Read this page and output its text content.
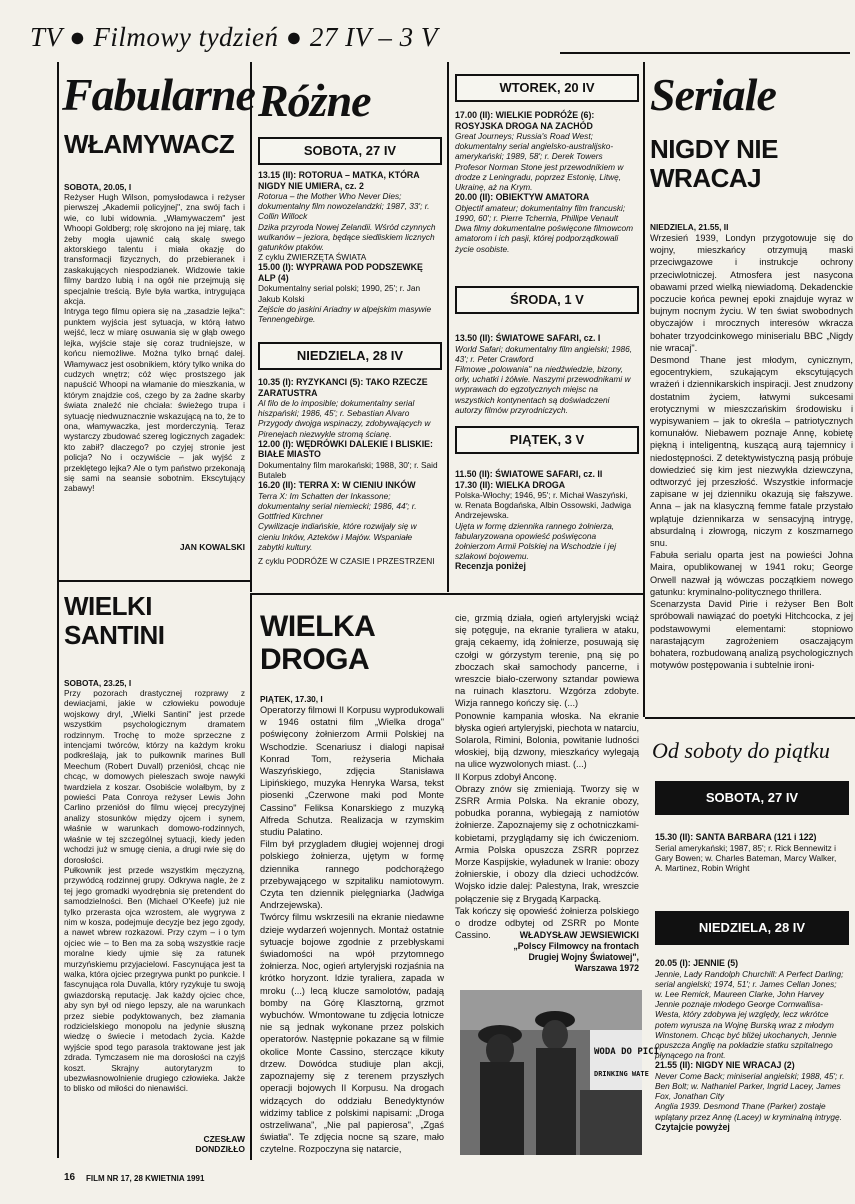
TV ● Filmowy tydzień ● 27 IV – 3 V
Fabularne
WŁAMYWACZ
SOBOTA, 20.05, I
Reżyser Hugh Wilson, pomysłodawca i reżyser pierwszej „Akademii policyjnej", zna swój fach i wie, co lubi widownia. „Włamywaczem" jest Whoopi Goldberg; rolę skrojono na jej miarę, tak żeby mogła ujawnić całą skalę swego aktorskiego talentu i miała okazję do transformacji fizycznych, do przebieranek i zaskakujących niespodzianek. Widzowie takie filmy bardzo lubią i na ogół nie przejmują się specjalnie treścią. Byle była wartka, intrygująca akcja.
Intryga tego filmu opiera się na „zasadzie lejka": punktem wyjścia jest sytuacja, w którą łatwo wejść, lecz w miarę osuwania się w głąb owego lejka, wyjście staje się coraz trudniejsze, w końcu niemożliwe. Można tylko brnąć dalej. Włamywacz jest osobnikiem, który tylko wnika do cudzych wnętrz; cóż więc prostszego jak napuścić Whoopi na włamanie do mieszkania, w którym znajdzie coś, czego by za żadne skarby świata znaleźć nie chciała: świeżego trupa i sytuację niedwuznacznie wskazującą na to, że to ona, włamywaczka, jest morderczynią. Teraz wystarczy zbudować szereg logicznych zagadek: kto zabił? dlaczego? po czyjej stronie jest policja? No i oczywiście – jak wyjść z przeklętego lejka? Ale o tym państwo przekonają się sami na seansie sobotnim. Ekscytujący zabawy!
JAN KOWALSKI
WIELKI SANTINI
SOBOTA, 23.25, I
Przy pozorach drastycznej rozprawy z dewiacjami, jakie w człowieku powoduje wojskowy dryl, „Wielki Santini" jest przede wszystkim psychologicznym dramatem rodzinnym. Trochę to może sprzeczne z intencjami twórców, którzy na każdym kroku podkreślają, jak to pułkownik marines Bull Meechum (Robert Duvall) przeniósł, chcąc nie chcąc, w domowych pieleszach swoje nawyki twardziela z koszar. Osobiście wolałbym, by z powieści Pata Conroya reżyser Lewis John Carlino przeniósł do filmu więcej precyzyjnej analizy stosunków między ojcem i synem, właśnie w warunkach domowo-rodzinnych, właśnie w tej szczególnej sytuacji, kiedy jeden wchodzi już w smugę cienia, a drugi rwie się do dorosłości.
Pułkownik jest przede wszystkim męczyzną, przywódcą rodzinnej grupy. Odkrywa nagle, że z tej jego gromadki wyodrębnia się pretendent do samodzielności. Ben (Michael O'Keefe) już nie tylko przerasta ojca wzrostem, ale wygrywa z nim w kosza, podejmuje decyzje bez jego zgody, a nawet wbrew rozkazowi. Przy czym – i o tym ojciec wie – to Ben ma za sobą wszystkie racje moralne kiedy ujmie się za ratunek murzyńskiemu przyjacielowi. Fascynująca jest ta walka, która ojciec przegrywa punkt po punkcie. I fascynująca rola Duvalla, który ryzykuje tu swoją gwiazdorską reputację. Jak każdy ojciec chce, aby syn był od niego lepszy, ale na warunkach przez siebie podyktowanych, bez złamania rodzicielskiego monopolu na jedynie słuszną wiedzę o świecie i metodach życia. Każde wyjście spod tego parasola traktowane jest jak zdrada. Tymczasem nie ma dorosłości na czyjś koszt. Skrajny autorytaryzm to ubezwłasnowolnienie drugiego człowieka. Jakże to blisko od miłości do nienawiści.
CZESŁAW
DONDZIŁŁO
Różne
SOBOTA, 27 IV
13.15 (II): ROTORUA – MATKA, KTÓRA NIGDY NIE UMIERA, cz. 2
Rotorua – the Mother Who Never Dies; dokumentalny film nowozelandzki; 1987, 33'; r. Collin Willock
Dzika przyroda Nowej Zelandii. Wśród czynnych wulkanów – jeziora, będące siedliskiem licznych gatunków ptaków.
Z cyklu ŻWIERZĘTA ŚWIATA
15.00 (I): WYPRAWA POD PODSZEWKĘ ALP (4)
Dokumentalny serial polski; 1990, 25'; r. Jan Jakub Kolski
Zejście do jaskini Ariadny w alpejskim masywie Tennengebirge.
NIEDZIELA, 28 IV
10.35 (I): RYZYKANCI (5): TAKO RZECZE ZARATUSTRA
Al filo de lo imposible; dokumentalny serial hiszpański; 1986, 45'; r. Sebastian Alvaro
Przygody dwojga wspinaczy, zdobywających w Pirenejach niezwykle stromą ścianę.
12.00 (I): WĘDRÓWKI DALEKIE I BLISKIE: BIAŁE MIASTO
Dokumentalny film marokański; 1988, 30'; r. Said Butaleb
16.20 (II): TERRA X: W CIENIU INKÓW
Terra X: Im Schatten der Inkassone; dokumentalny serial niemiecki; 1986, 44'; r. Gottfried Kirchner
Cywilizacje indiańskie, które rozwijały się w cieniu Inków, Azteków i Majów. Wspaniałe zabytki kultury.
Z cyklu PODRÓŻE W CZASIE I PRZESTRZENI
WTOREK, 20 IV
17.00 (II): WIELKIE PODRÓŻE (6): ROSYJSKA DROGA NA ZACHÓD
Great Journeys; Russia's Road West; dokumentalny serial angielsko-australijsko-amerykański; 1989, 58'; r. Derek Towers
Profesor Norman Stone jest przewodnikiem w drodze z Leningradu, poprzez Estonię, Litwę, Ukrainę, aż na Krym.
20.00 (II): OBIEKTYW AMATORA
Objectif amateur; dokumentalny film francuski; 1990, 60'; r. Pierre Tchernia, Phillipe Venault
Dwa filmy dokumentalne poświęcone filmowcom amatorom i ich pasji, której podporządkowali życie osobiste.
ŚRODA, 1 V
13.50 (II): ŚWIATOWE SAFARI, cz. I
World Safari; dokumentalny film angielski; 1986, 43'; r. Peter Crawford
Filmowe „polowania" na niedźwiedzie, bizony, orły, uchatki i żółwie. Naszymi przewodnikami w wyprawach do egzotycznych miejsc na wszystkich kontynentach są doświadczeni autorzy filmów przyrodniczych.
PIĄTEK, 3 V
11.50 (II): ŚWIATOWE SAFARI, cz. II
17.30 (II): WIELKA DROGA
Polska-Włochy; 1946, 95'; r. Michał Waszyński, w. Renata Bogdańska, Albin Ossowski, Jadwiga Andrzejewska.
Ujęta w formę dziennika rannego żołnierza, fabularyzowana opowieść poświęcona żołnierzom Armii Polskiej na Wschodzie i jej szlakowi bojowemu.
Recenzja poniżej
WIELKA DROGA
PIĄTEK, 17.30, I
Operatorzy filmowi II Korpusu wyprodukowali w 1946 ostatni film „Wielka droga" poświęcony żołnierzom Armii Polskiej na Wschodzie. Scenariusz i dialogi napisał Konrad Tom, reżyseria Michała Waszyńskiego, zdjęcia Stanisława Lipińskiego, muzyka Henryka Warsa, tekst piosenki „Czerwone maki pod Monte Cassino" Feliksa Konarskiego z muzyką Alfreda Schutza. Realizacja w rzymskim studiu Palatino.
Film był przygladem długiej wojennej drogi polskiego żołnierza, ujętym w formę dziennika rannego podchorążego przebywającego w szpitaliku namiotowym. Czyta ten dziennik pielęgniarka (Jadwiga Andrzejewska).
Twórcy filmu wskrzesili na ekranie niedawne dzieje wydarzeń wojennych. Montaż ostatnie sytuacje bojowe zgodnie z przebłyskami świadomości na wpół przytomnego żołnierza. Noc, ogień artyleryjski rozjaśnia na krótko horyzont. Idzie tyraliera, zapada w mroku (...) lecą klucze samolotów, padają bomby na Górę Klasztorną, grzmot wybuchów. Wmontowane tu zdjęcia lotnicze nie są jednak wykonane przez polskich operatorów. Następnie pokazane są w filmie okolice Monte Cassino, sterczące kikuty drzew. Dowódca studiuje plan akcji, zapoznajemy się z terenem przyszłych operacji bojowych II Korpusu. Na drogach widzących do oddziału Benedyktynów widzimy tablice z polskimi napisami: „Droga ostrzeliwana", „Nie pal papierosa", „Zgaś światła". Te zdjęcia nocne są szare, mało czytelne. Rozpoczyna się natarcie,
cie, grzmią działa, ogień artyleryjski wciąż się potęguje, na ekranie tyraliera w ataku, grają cekaemy, idą żołnierze, posuwają się czołgi w górzystym terenie, pną się po zboczach skał samochody pancerne, i wreszcie biało-czerwony sztandar powiewa na ruinach klasztoru. Wzgórza zdobyte. Wizja rannego kończy się. (...)
Ponownie kampania włoska. Na ekranie błyska ogień artyleryjski, piechota w natarciu, Solarola, Rimini, Bolonia, powitanie ludności włoskiej, biją dzwony, mieszkańcy wylegają na ulice wyzwolonych miast. (...)
II Korpus zdobył Anconę.
Obrazy znów się zmieniają. Tworzy się w ZSRR Armia Polska. Na ekranie obozy, pobudka poranna, wybiegają z namiotów żołnierze. Zapoznajemy się z ochotniczkami-kobietami, przyglądamy się ich ćwiczeniom. Armia Polska opuszcza ZSRR poprzez Morze Kaspijskie, wyładunek w Iranie: obozy żołnierskie, i obozy dla dzieci uchodźców. Wojsko idzie dalej: Palestyna, Irak, wreszcie połączenie się z Brygadą Karpacką.
Tak kończy się opowieść żołnierza polskiego o drodze odbytej od ZSRR po Monte Cassino.	WŁADYSŁAW JEWSIEWICKI
„Polscy Filmowcy na frontach
Drugiej Wojny Światowej",
Warszawa 1972
WODA DO PICI
DRINKING WATE
Seriale
NIGDY NIE WRACAJ
NIEDZIELA, 21.55, II
Wrzesień 1939, Londyn przygotowuje się do wojny, mieszkańcy otrzymują maski przeciwgazowe i instrukcje ochrony przeciwlotniczej. Atmosfera jest nasycona obawami przed wielką niewiadomą. Dekadenckie poczucie końca pewnej epoki znajduje wyraz w bujnym nocnym życiu. W ten świat swobodnych obyczajów i mrocznych interesów wkracza bohater trzyodcinkowego miniserialu BBC „Nigdy nie wracaj".
Desmond Thane jest młodym, cynicznym, egocentrykiem, szukającym ekscytujących wrażeń i dziennikarskich inspiracji. Jest znudzony dostatnim życiem, łatwymi sukcesami erotycznymi w mieszczańskim środowisku i wypisywaniem – jak to określa – patriotycznych komunałów. Niebawem poznaje Annę, kobietę piękną i inteligentną, kuszącą aurą tajemnicy i niedostępności. Z detektywistyczną pasją próbuje dowiedzieć się kim jest niezwykła dziewczyna, odtworzyć jej przeszłość. Wszystkie informacje zapisane w jej dzienniku okazują się fałszywe. Anna – jak na klasyczną femme fatale przystało wplątuje dziennikarza w sensacyjną intrygę, absurdalną i złowrogą, niczym z koszmarnego snu.
Fabuła serialu oparta jest na powieści Johna Maira, opublikowanej w 1941 roku; George Orwell nazwał ją wówczas początkiem nowego gatunku: kryminalno-politycznego thrillera.
Scenarzysta David Pirie i reżyser Ben Bolt spróbowali nawiązać do poetyki Hitchcocka, z jej podstawowymi elementami: stopniowo narastającym zagrożeniem osaczającym bohatera, rozbudowaną analizą psychologicznych motywów postępowania i subtelnie ironi-
Od soboty do piątku
SOBOTA, 27 IV
15.30 (II): SANTA BARBARA (121 i 122)
Serial amerykański; 1987, 85'; r. Rick Bennewitz i Gary Bowen; w. Charles Bateman, Marcy Walker, A. Martinez, Robin Wright
NIEDZIELA, 28 IV
20.05 (I): JENNIE (5)
Jennie, Lady Randolph Churchill: A Perfect Darling; serial angielski; 1974, 51'; r. James Cellan Jones; w. Lee Remick, Maureen Clarke, John Harvey
Jennie poznaje młodego George Cornwallisa-Westa, który zdobywa jej względy, lecz wkrótce potem wyrusza na Wojnę Burską wraz z młodym Winstonem. Chcąc być bliżej ukochanych, Jennie opuszcza Anglię na pokładzie statku szpitalnego płynącego na front.
21.55 (II): NIGDY NIE WRACAJ (2)
Never Come Back; miniserial angielski; 1988, 45'; r. Ben Bolt; w. Nathaniel Parker, Ingrid Lacey, James Fox, Jonathan City
Anglia 1939. Desmond Thane (Parker) zostaje wplątany przez Annę (Lacey) w kryminalną intrygę.
Czytajcie powyżej
16 FILM NR 17, 28 KWIETNIA 1991
